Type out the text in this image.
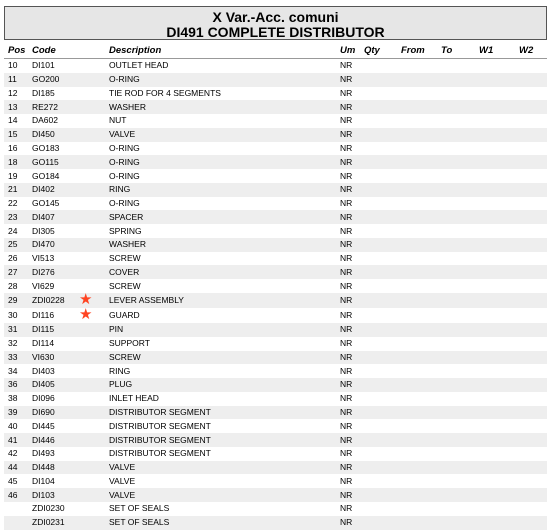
X Var.-Acc. comuni
DI491 COMPLETE DISTRIBUTOR
Pos	Code		Description	Um	Qty	From	To	W1	W2
10	DI101		OUTLET HEAD	NR					
11	GO200		O-RING	NR					
12	DI185		TIE ROD FOR 4 SEGMENTS	NR					
13	RE272		WASHER	NR					
14	DA602		NUT	NR					
15	DI450		VALVE	NR					
16	GO183		O-RING	NR					
18	GO115		O-RING	NR					
19	GO184		O-RING	NR					
21	DI402		RING	NR					
22	GO145		O-RING	NR					
23	DI407		SPACER	NR					
24	DI305		SPRING	NR					
25	DI470		WASHER	NR					
26	VI513		SCREW	NR					
27	DI276		COVER	NR					
28	VI629		SCREW	NR					
29	ZDI0228	★	LEVER ASSEMBLY	NR					
30	DI116	★	GUARD	NR					
31	DI115		PIN	NR					
32	DI114		SUPPORT	NR					
33	VI630		SCREW	NR					
34	DI403		RING	NR					
36	DI405		PLUG	NR					
38	DI096		INLET HEAD	NR					
39	DI690		DISTRIBUTOR SEGMENT	NR					
40	DI445		DISTRIBUTOR SEGMENT	NR					
41	DI446		DISTRIBUTOR SEGMENT	NR					
42	DI493		DISTRIBUTOR SEGMENT	NR					
44	DI448		VALVE	NR					
45	DI104		VALVE	NR					
46	DI103		VALVE	NR					
	ZDI0230		SET OF SEALS	NR					
	ZDI0231		SET OF SEALS	NR					
